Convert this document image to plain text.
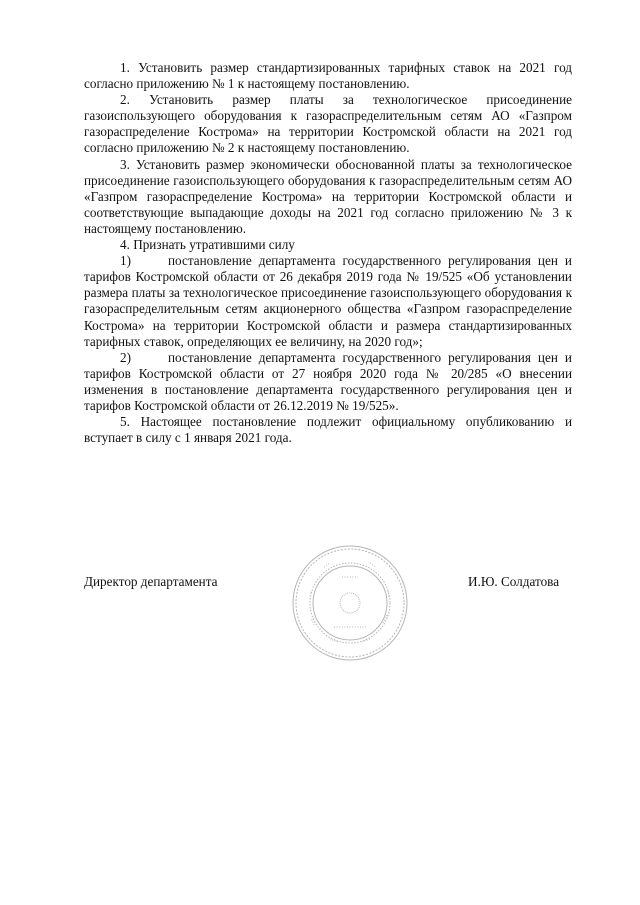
1. Установить размер стандартизированных тарифных ставок на 2021 год согласно приложению № 1 к настоящему постановлению.

2. Установить размер платы за технологическое присоединение газоиспользующего оборудования к газораспределительным сетям АО «Газпром газораспределение Кострома» на территории Костромской области на 2021 год согласно приложению № 2 к настоящему постановлению.

3. Установить размер экономически обоснованной платы за технологическое присоединение газоиспользующего оборудования к газораспределительным сетям АО «Газпром газораспределение Кострома» на территории Костромской области и соответствующие выпадающие доходы на 2021 год согласно приложению № 3 к настоящему постановлению.

4. Признать утратившими силу

1)	постановление департамента государственного регулирования цен и тарифов Костромской области от 26 декабря 2019 года № 19/525 «Об установлении размера платы за технологическое присоединение газоиспользующего оборудования к газораспределительным сетям акционерного общества «Газпром газораспределение Кострома» на территории Костромской области и размера стандартизированных тарифных ставок, определяющих ее величину, на 2020 год»;

2)	постановление департамента государственного регулирования цен и тарифов Костромской области от 27 ноября 2020 года № 20/285 «О внесении изменения в постановление департамента государственного регулирования цен и тарифов Костромской области от 26.12.2019 № 19/525».

5. Настоящее постановление подлежит официальному опубликованию и вступает в силу с 1 января 2021 года.

Директор департамента	И.Ю. Солдатова
